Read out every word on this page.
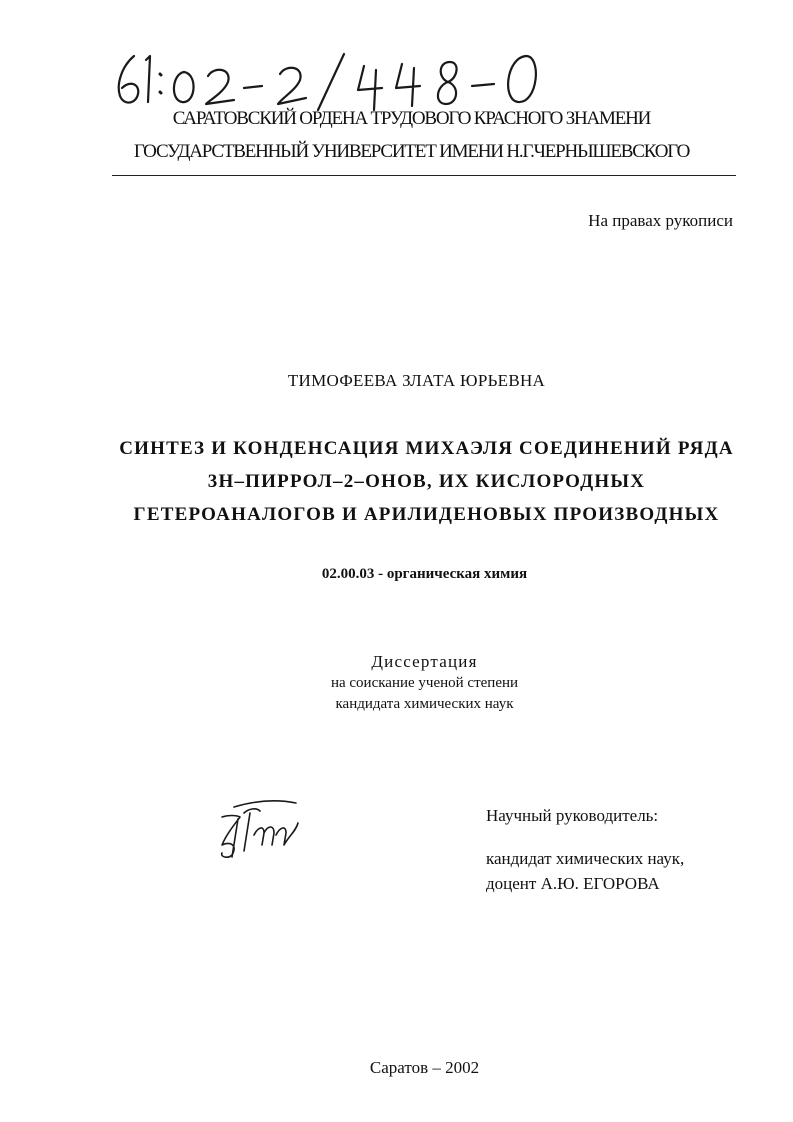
САРАТОВСКИЙ ОРДЕНА ТРУДОВОГО КРАСНОГО ЗНАМЕНИ
ГОСУДАРСТВЕННЫЙ УНИВЕРСИТЕТ ИМЕНИ Н.Г.ЧЕРНЫШЕВСКОГО
На правах рукописи
ТИМОФЕЕВА ЗЛАТА ЮРЬЕВНА
СИНТЕЗ И КОНДЕНСАЦИЯ МИХАЭЛЯ СОЕДИНЕНИЙ РЯДА
3Н–ПИРРОЛ–2–ОНОВ, ИХ КИСЛОРОДНЫХ
ГЕТЕРОАНАЛОГОВ И АРИЛИДЕНОВЫХ ПРОИЗВОДНЫХ
02.00.03 - органическая химия
Диссертация
на соискание ученой степени
кандидата химических наук
Научный руководитель:
кандидат химических наук,
доцент А.Ю. ЕГОРОВА
Саратов – 2002
